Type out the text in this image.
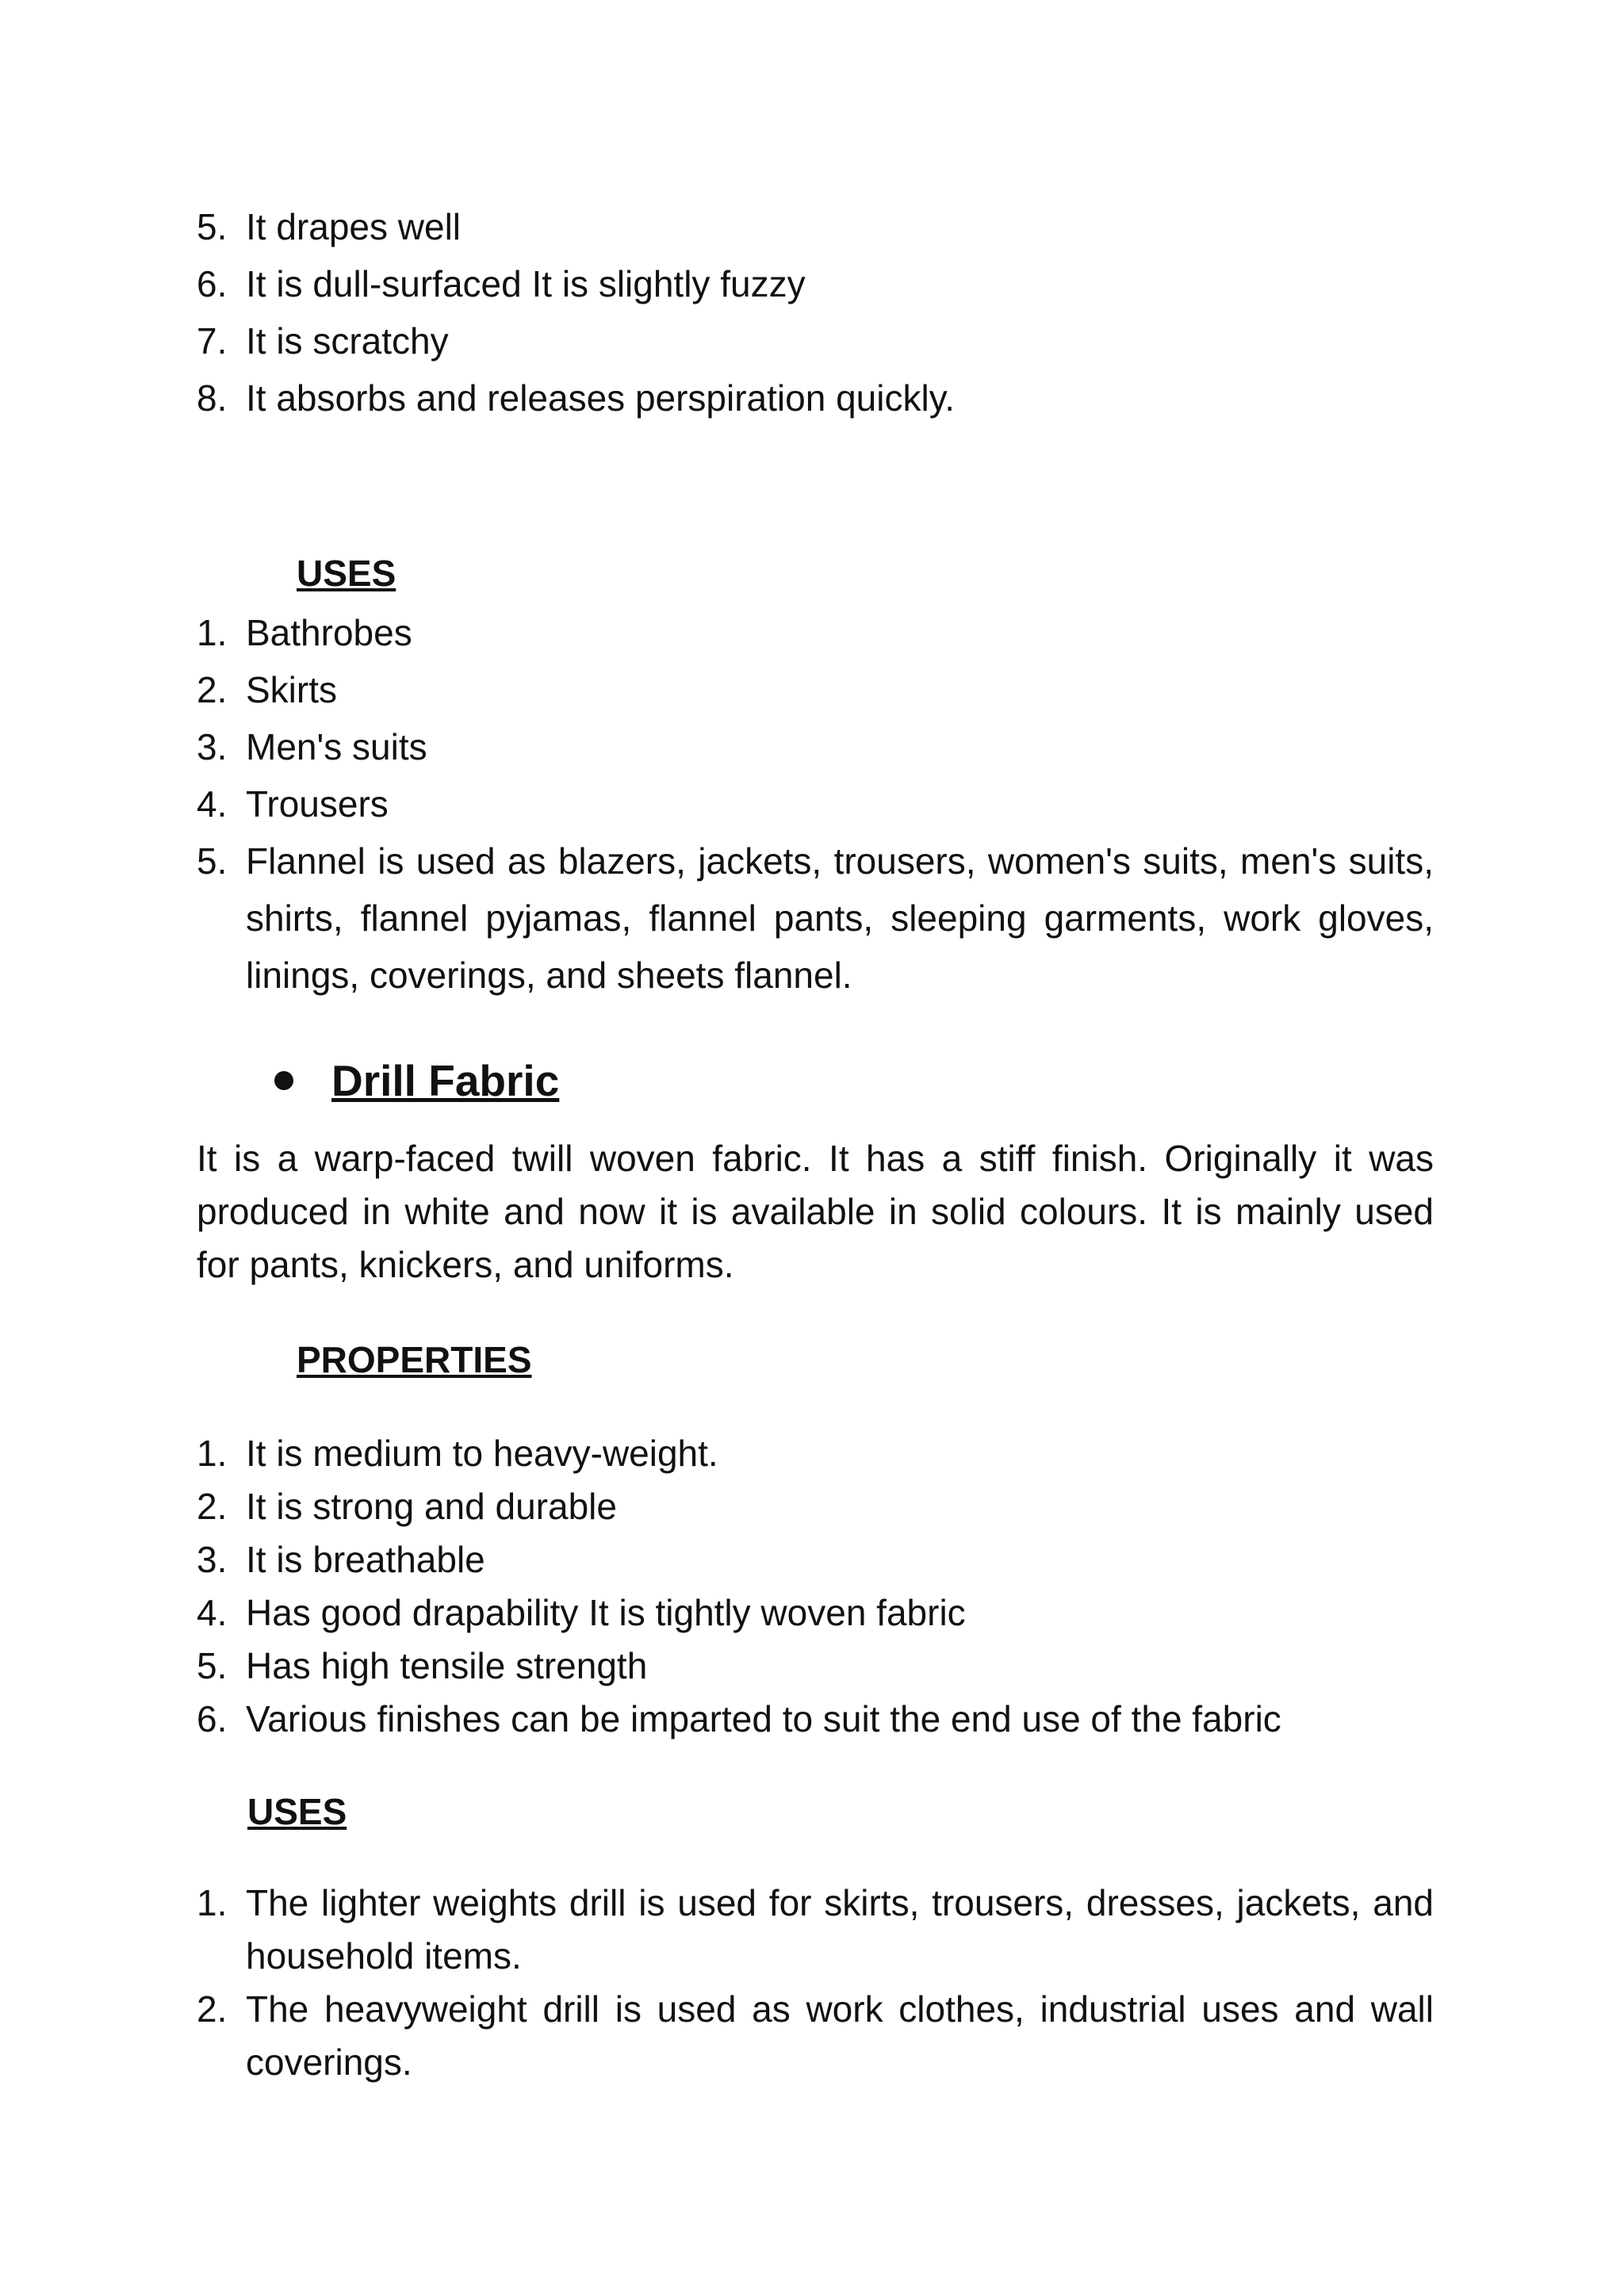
5. It drapes well
6. It is dull-surfaced It is slightly fuzzy
7. It is scratchy
8. It absorbs and releases perspiration quickly.
USES
1. Bathrobes
2. Skirts
3. Men's suits
4. Trousers
5. Flannel is used as blazers, jackets, trousers, women's suits, men's suits, shirts, flannel pyjamas, flannel pants, sleeping garments, work gloves, linings, coverings, and sheets flannel.
Drill Fabric
It is a warp-faced twill woven fabric. It has a stiff finish. Originally it was produced in white and now it is available in solid colours. It is mainly used for pants, knickers, and uniforms.
PROPERTIES
1. It is medium to heavy-weight.
2. It is strong and durable
3. It is breathable
4. Has good drapability It is tightly woven fabric
5. Has high tensile strength
6. Various finishes can be imparted to suit the end use of the fabric
USES
1. The lighter weights drill is used for skirts, trousers, dresses, jackets, and household items.
2. The heavyweight drill is used as work clothes, industrial uses and wall coverings.
